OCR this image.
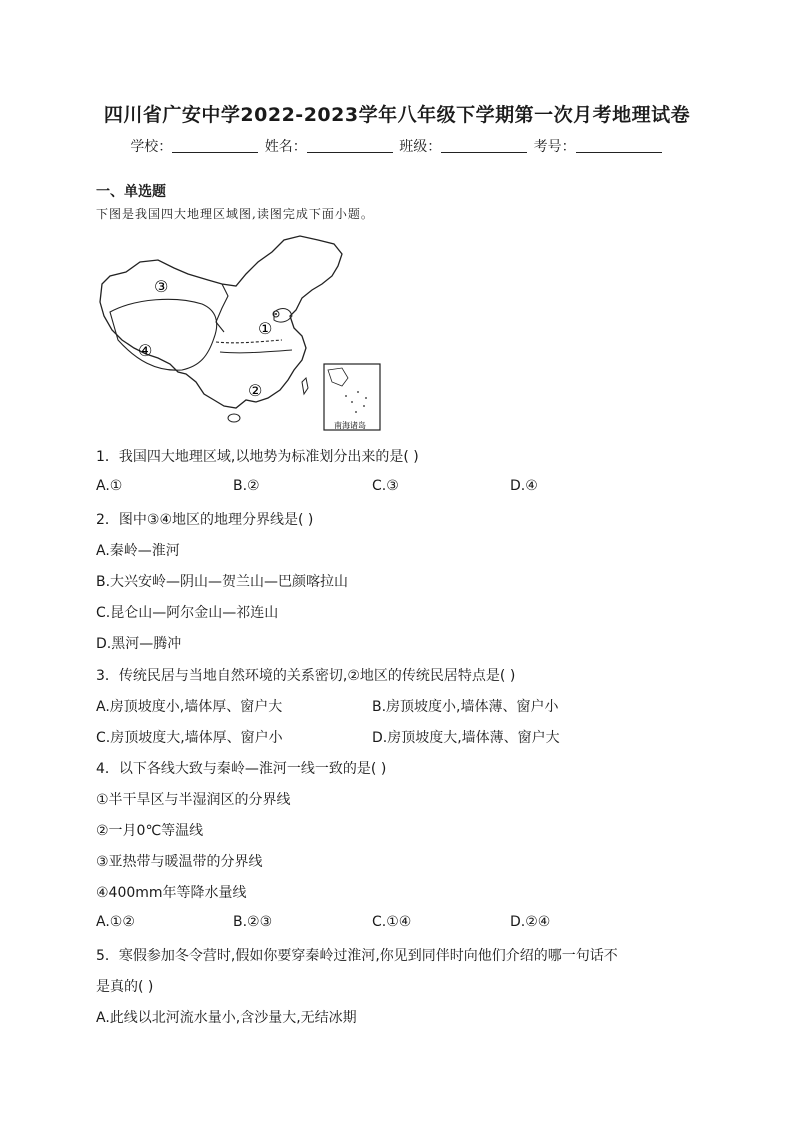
四川省广安中学2022-2023学年八年级下学期第一次月考地理试卷
学校：	姓名：	班级：	考号：
一、单选题
下图是我国四大地理区域图,读图完成下面小题。
①
②
③
④
南海诸岛
1．我国四大地理区域,以地势为标准划分出来的是( )
A.①	B.②	C.③	D.④
2．图中③④地区的地理分界线是( )
A.秦岭—淮河
B.大兴安岭—阴山—贺兰山—巴颜喀拉山
C.昆仑山—阿尔金山—祁连山
D.黑河—腾冲
3．传统民居与当地自然环境的关系密切,②地区的传统民居特点是( )
A.房顶坡度小,墙体厚、窗户大	B.房顶坡度小,墙体薄、窗户小
C.房顶坡度大,墙体厚、窗户小	D.房顶坡度大,墙体薄、窗户大
4．以下各线大致与秦岭—淮河一线一致的是( )
①半干旱区与半湿润区的分界线
②一月0℃等温线
③亚热带与暖温带的分界线
④400mm年等降水量线
A.①②	B.②③	C.①④	D.②④
5．寒假参加冬令营时,假如你要穿秦岭过淮河,你见到同伴时向他们介绍的哪一句话不
是真的( )
A.此线以北河流水量小,含沙量大,无结冰期
